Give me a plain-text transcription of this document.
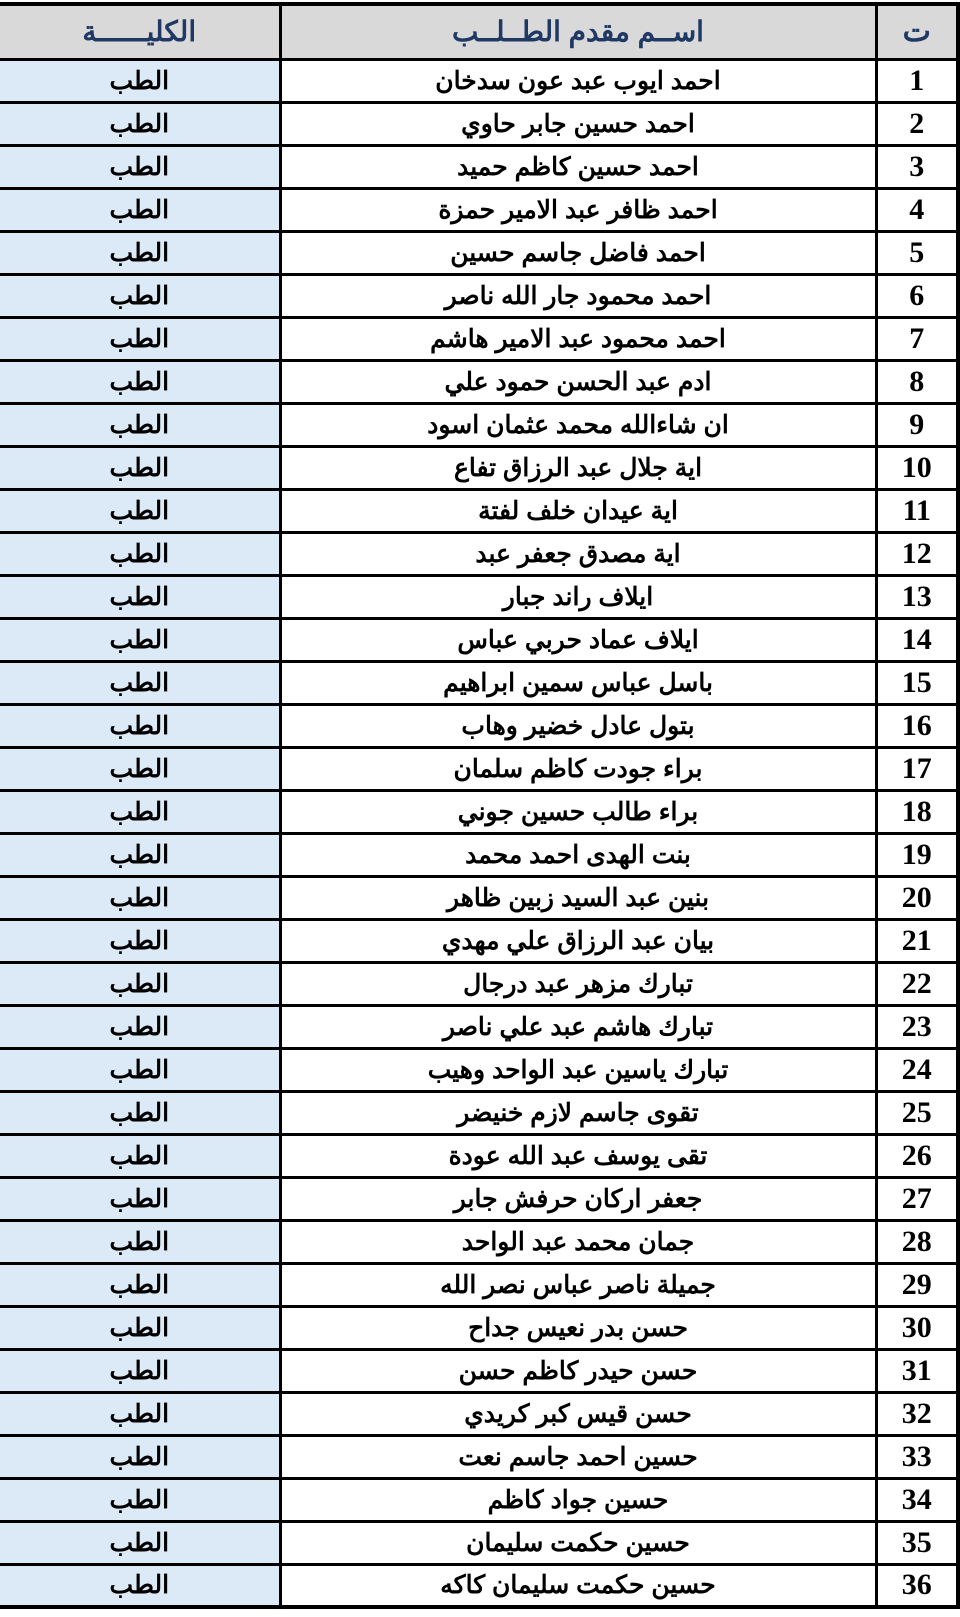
ت	اســم مقدم الطــلــب	الكليــــــة
1	احمد ايوب عبد عون سدخان	الطب
2	احمد حسين جابر حاوي	الطب
3	احمد حسين كاظم حميد	الطب
4	احمد ظافر عبد الامير حمزة	الطب
5	احمد فاضل جاسم حسين	الطب
6	احمد محمود جار الله ناصر	الطب
7	احمد محمود عبد الامير هاشم	الطب
8	ادم عبد الحسن حمود علي	الطب
9	ان شاءالله محمد عثمان اسود	الطب
10	اية جلال عبد الرزاق تفاع	الطب
11	اية عيدان خلف لفتة	الطب
12	اية مصدق جعفر عبد	الطب
13	ايلاف راند جبار	الطب
14	ايلاف عماد حربي عباس	الطب
15	باسل عباس سمين ابراهيم	الطب
16	بتول عادل خضير وهاب	الطب
17	براء جودت كاظم سلمان	الطب
18	براء طالب حسين جوني	الطب
19	بنت الهدى احمد محمد	الطب
20	بنين عبد السيد زبين ظاهر	الطب
21	بيان عبد الرزاق علي مهدي	الطب
22	تبارك مزهر عبد درجال	الطب
23	تبارك هاشم عبد علي ناصر	الطب
24	تبارك ياسين عبد الواحد وهيب	الطب
25	تقوى جاسم لازم خنيضر	الطب
26	تقى يوسف عبد الله عودة	الطب
27	جعفر اركان حرفش جابر	الطب
28	جمان محمد عبد الواحد	الطب
29	جميلة ناصر عباس نصر الله	الطب
30	حسن بدر نعيس جداح	الطب
31	حسن حيدر كاظم حسن	الطب
32	حسن قيس كبر كريدي	الطب
33	حسين احمد جاسم نعت	الطب
34	حسين جواد كاظم	الطب
35	حسين حكمت سليمان	الطب
36	حسين حكمت سليمان كاكه	الطب
